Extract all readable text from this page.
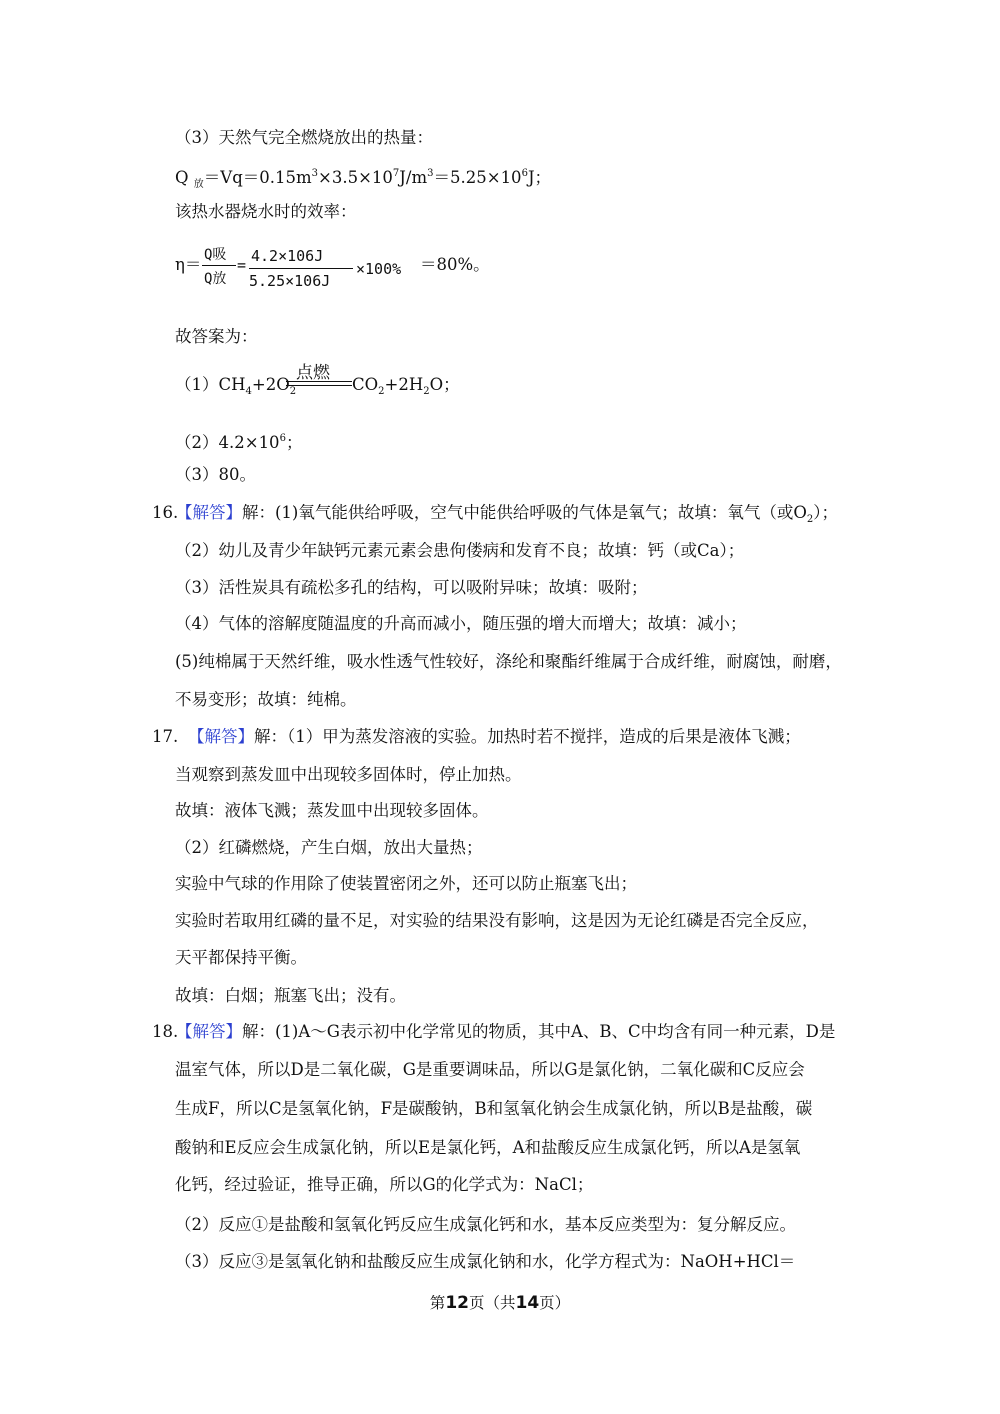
（3）天然气完全燃烧放出的热量：
Q $_放=Vq=0.15m^3\times 3.5\times 10^7J/m^3=5.25\times 10^6J$；
该热水器烧水时的效率：
η＝ Q吸
Q放
= 4.2×106J
5.25×106J
×100% ＝80%。
故答案为：
$(1)CH_4+2O_2$
点燃
$CO_2+2H_2O$；
$(2)4.2\times 10^6$；
（3）80。
16.
【解答】解：(1)氧气能供给呼吸，空气中能供给呼吸的气体是氧气；故填：氧气（或$O_2$）；
（2）幼儿及青少年缺钙元素元素会患佝偻病和发育不良；故填：钙（或Ca）；
（3）活性炭具有疏松多孔的结构，可以吸附异味；故填：吸附；
（4）气体的溶解度随温度的升高而减小，随压强的增大而增大；故填：减小；
(5)纯棉属于天然纤维，吸水性透气性较好，涤纶和聚酯纤维属于合成纤维，耐腐蚀，耐磨，
不易变形；故填：纯棉。
17. 【解答】解：（1）甲为蒸发溶液的实验。加热时若不搅拌，造成的后果是液体飞溅；
当观察到蒸发皿中出现较多固体时，停止加热。
故填：液体飞溅；蒸发皿中出现较多固体。
（2）红磷燃烧，产生白烟，放出大量热；
实验中气球的作用除了使装置密闭之外，还可以防止瓶塞飞出；
实验时若取用红磷的量不足，对实验的结果没有影响，这是因为无论红磷是否完全反应，
天平都保持平衡。
故填：白烟；瓶塞飞出；没有。
18.
【解答】解：(1)A～G表示初中化学常见的物质，其中A、B、C中均含有同一种元素，D是
温室气体，所以D是二氧化碳，G是重要调味品，所以G是氯化钠，二氧化碳和C反应会
生成F，所以C是氢氧化钠，F是碳酸钠，B和氢氧化钠会生成氯化钠，所以B是盐酸，碳
酸钠和E反应会生成氯化钠，所以E是氯化钙，A和盐酸反应生成氯化钙，所以A是氢氧
化钙，经过验证，推导正确，所以G的化学式为：NaCl；
（2）反应①是盐酸和氢氧化钙反应生成氯化钙和水，基本反应类型为：复分解反应。
（3）反应③是氢氧化钠和盐酸反应生成氯化钠和水，化学方程式为：NaOH+HCl＝
第12页（共14页）
